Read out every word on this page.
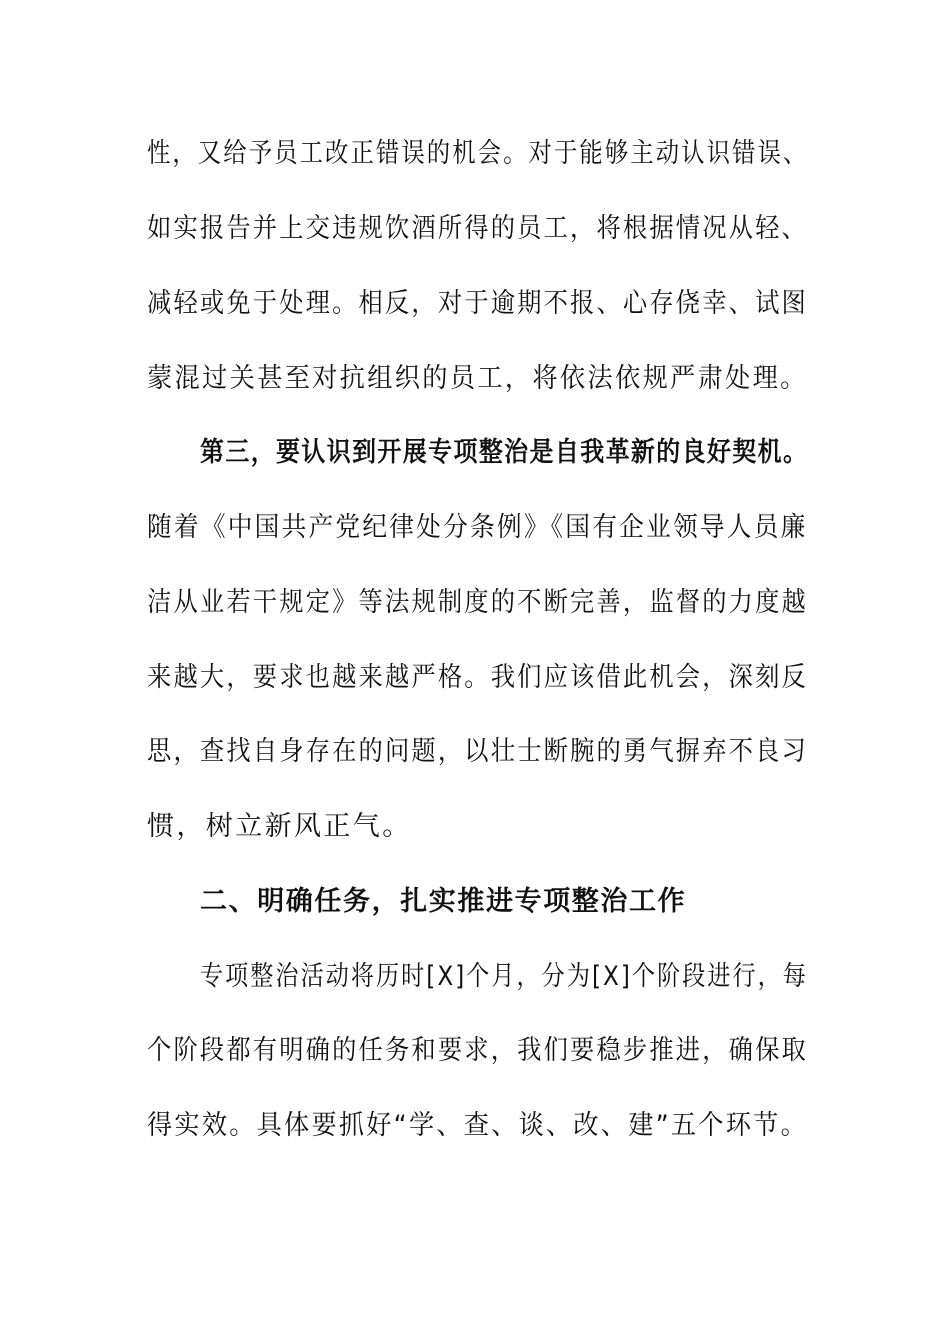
性，又给予员工改正错误的机会。对于能够主动认识错误、
如实报告并上交违规饮酒所得的员工，将根据情况从轻、
减轻或免于处理。相反，对于逾期不报、心存侥幸、试图
蒙混过关甚至对抗组织的员工，将依法依规严肃处理。
第三，要认识到开展专项整治是自我革新的良好契机。
随着《中国共产党纪律处分条例》《国有企业领导人员廉
洁从业若干规定》等法规制度的不断完善，监督的力度越
来越大，要求也越来越严格。我们应该借此机会，深刻反
思，查找自身存在的问题，以壮士断腕的勇气摒弃不良习
惯，树立新风正气。
二、明确任务，扎实推进专项整治工作
专项整治活动将历时[X]个月，分为[X]个阶段进行，每
个阶段都有明确的任务和要求，我们要稳步推进，确保取
得实效。具体要抓好“学、查、谈、改、建”五个环节。
